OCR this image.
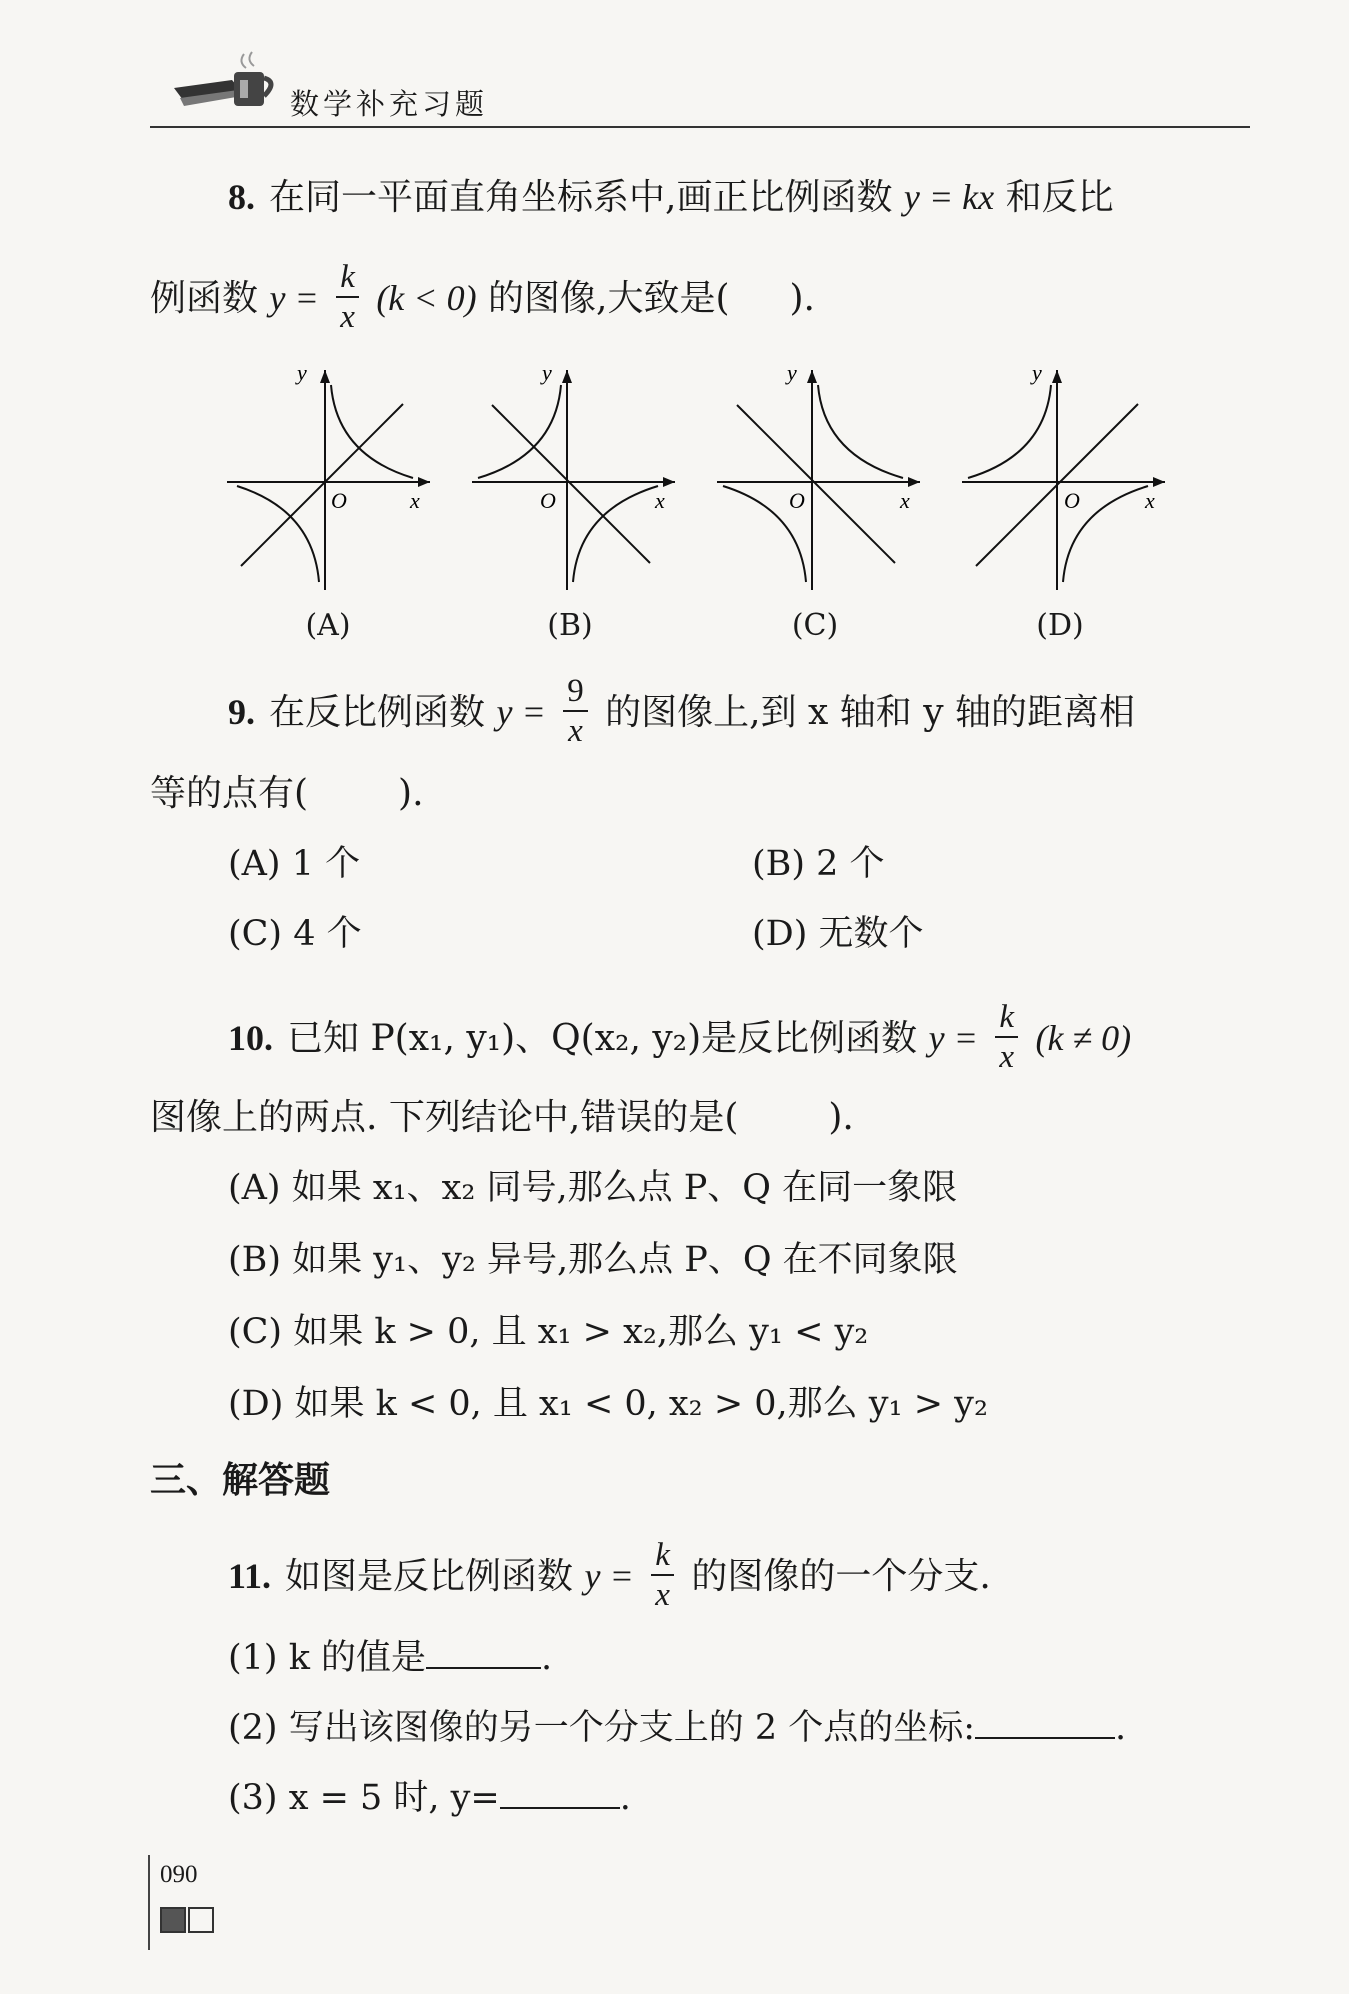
数学补充习题
8. 在同一平面直角坐标系中,画正比例函数 y = kx 和反比
例函数 $y = \frac{k}{x} (k < 0)$ 的图像,大致是( ).
y
x
O
y
x
O
y
x
O
y
x
O
(A)	(B)	(C)	(D)
9. 在反比例函数 $y = \frac{9}{x}$ 的图像上,到 x 轴和 y 轴的距离相
等的点有(	).
(A) 1 个	(B) 2 个
(C) 4 个	(D) 无数个
10. 已知 P(x₁, y₁)、Q(x₂, y₂)是反比例函数 $y = \frac{k}{x} (k \ne 0)$
图像上的两点. 下列结论中,错误的是(	).
(A) 如果 x₁、x₂ 同号,那么点 P、Q 在同一象限
(B) 如果 y₁、y₂ 异号,那么点 P、Q 在不同象限
(C) 如果 k > 0, 且 x₁ > x₂,那么 y₁ < y₂
(D) 如果 k < 0, 且 x₁ < 0, x₂ > 0,那么 y₁ > y₂
三、解答题
11. 如图是反比例函数 $y = \frac{k}{x}$ 的图像的一个分支.
(1) k 的值是	.
(2) 写出该图像的另一个分支上的 2 个点的坐标:	.
(3) x = 5 时, y=	.
090
